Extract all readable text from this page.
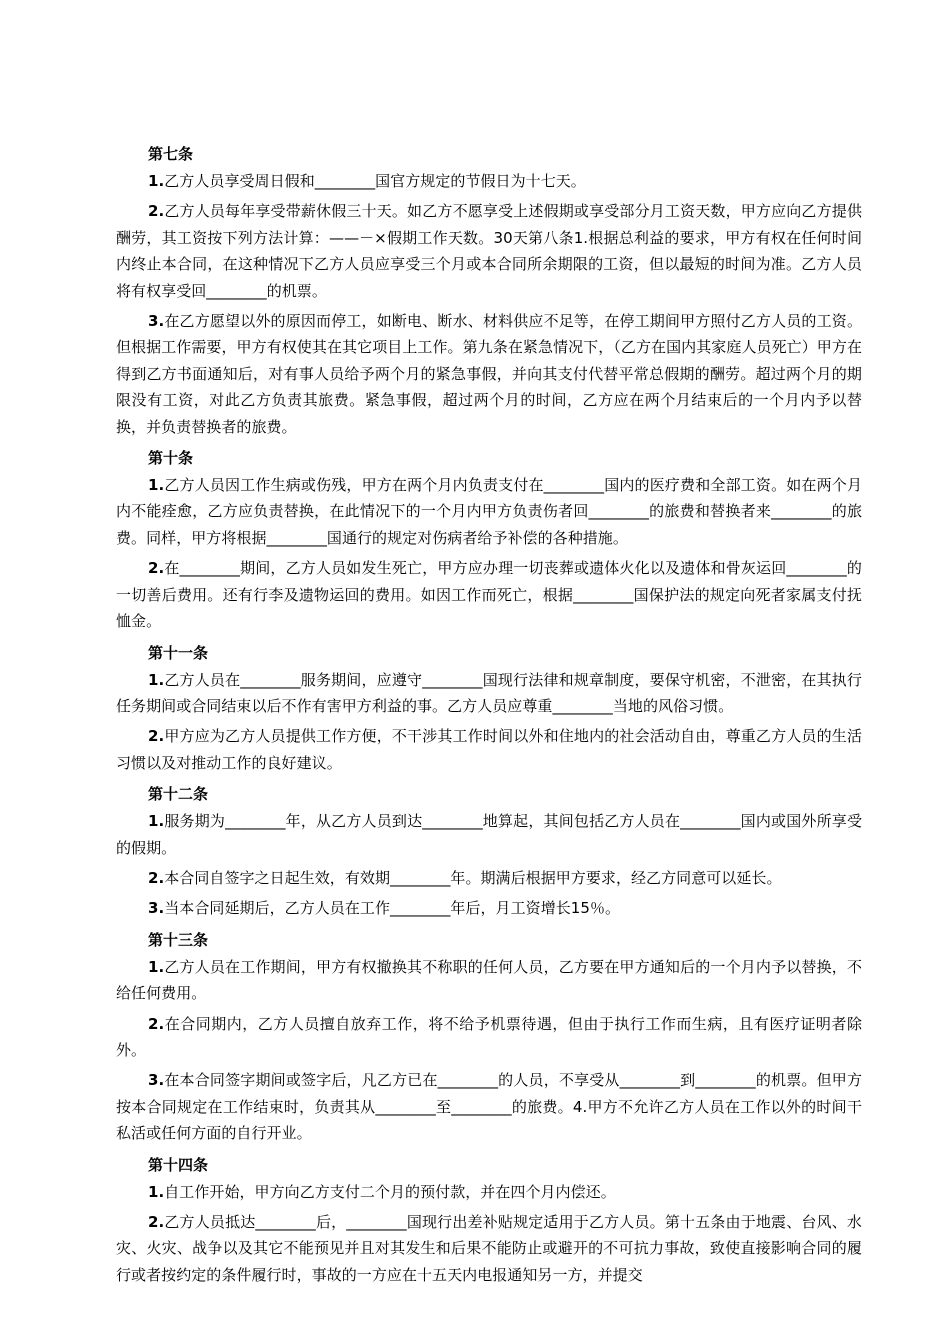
第七条

1.乙方人员享受周日假和________国官方规定的节假日为十七天。

2.乙方人员每年享受带薪休假三十天。如乙方不愿享受上述假期或享受部分月工资天数，甲方应向乙方提供酬劳，其工资按下列方法计算：——－×假期工作天数。30天第八条1.根据总利益的要求，甲方有权在任何时间内终止本合同，在这种情况下乙方人员应享受三个月或本合同所余期限的工资，但以最短的时间为准。乙方人员将有权享受回________的机票。

3.在乙方愿望以外的原因而停工，如断电、断水、材料供应不足等，在停工期间甲方照付乙方人员的工资。但根据工作需要，甲方有权使其在其它项目上工作。第九条在紧急情况下，（乙方在国内其家庭人员死亡）甲方在得到乙方书面通知后，对有事人员给予两个月的紧急事假，并向其支付代替平常总假期的酬劳。超过两个月的期限没有工资，对此乙方负责其旅费。紧急事假，超过两个月的时间，乙方应在两个月结束后的一个月内予以替换，并负责替换者的旅费。

第十条

1.乙方人员因工作生病或伤残，甲方在两个月内负责支付在________国内的医疗费和全部工资。如在两个月内不能痊愈，乙方应负责替换，在此情况下的一个月内甲方负责伤者回________的旅费和替换者来________的旅费。同样，甲方将根据________国通行的规定对伤病者给予补偿的各种措施。

2.在________期间，乙方人员如发生死亡，甲方应办理一切丧葬或遗体火化以及遗体和骨灰运回________的一切善后费用。还有行李及遗物运回的费用。如因工作而死亡，根据________国保护法的规定向死者家属支付抚恤金。

第十一条

1.乙方人员在________服务期间，应遵守________国现行法律和规章制度，要保守机密，不泄密，在其执行任务期间或合同结束以后不作有害甲方利益的事。乙方人员应尊重________当地的风俗习惯。

2.甲方应为乙方人员提供工作方便，不干涉其工作时间以外和住地内的社会活动自由，尊重乙方人员的生活习惯以及对推动工作的良好建议。

第十二条

1.服务期为________年，从乙方人员到达________地算起，其间包括乙方人员在________国内或国外所享受的假期。

2.本合同自签字之日起生效，有效期________年。期满后根据甲方要求，经乙方同意可以延长。

3.当本合同延期后，乙方人员在工作________年后，月工资增长15％。

第十三条

1.乙方人员在工作期间，甲方有权撤换其不称职的任何人员，乙方要在甲方通知后的一个月内予以替换，不给任何费用。

2.在合同期内，乙方人员擅自放弃工作，将不给予机票待遇，但由于执行工作而生病，且有医疗证明者除外。

3.在本合同签字期间或签字后，凡乙方已在________的人员，不享受从________到________的机票。但甲方按本合同规定在工作结束时，负责其从________至________的旅费。4.甲方不允许乙方人员在工作以外的时间干私活或任何方面的自行开业。

第十四条

1.自工作开始，甲方向乙方支付二个月的预付款，并在四个月内偿还。

2.乙方人员抵达________后，________国现行出差补贴规定适用于乙方人员。第十五条由于地震、台风、水灾、火灾、战争以及其它不能预见并且对其发生和后果不能防止或避开的不可抗力事故，致使直接影响合同的履行或者按约定的条件履行时，事故的一方应在十五天内电报通知另一方，并提交
